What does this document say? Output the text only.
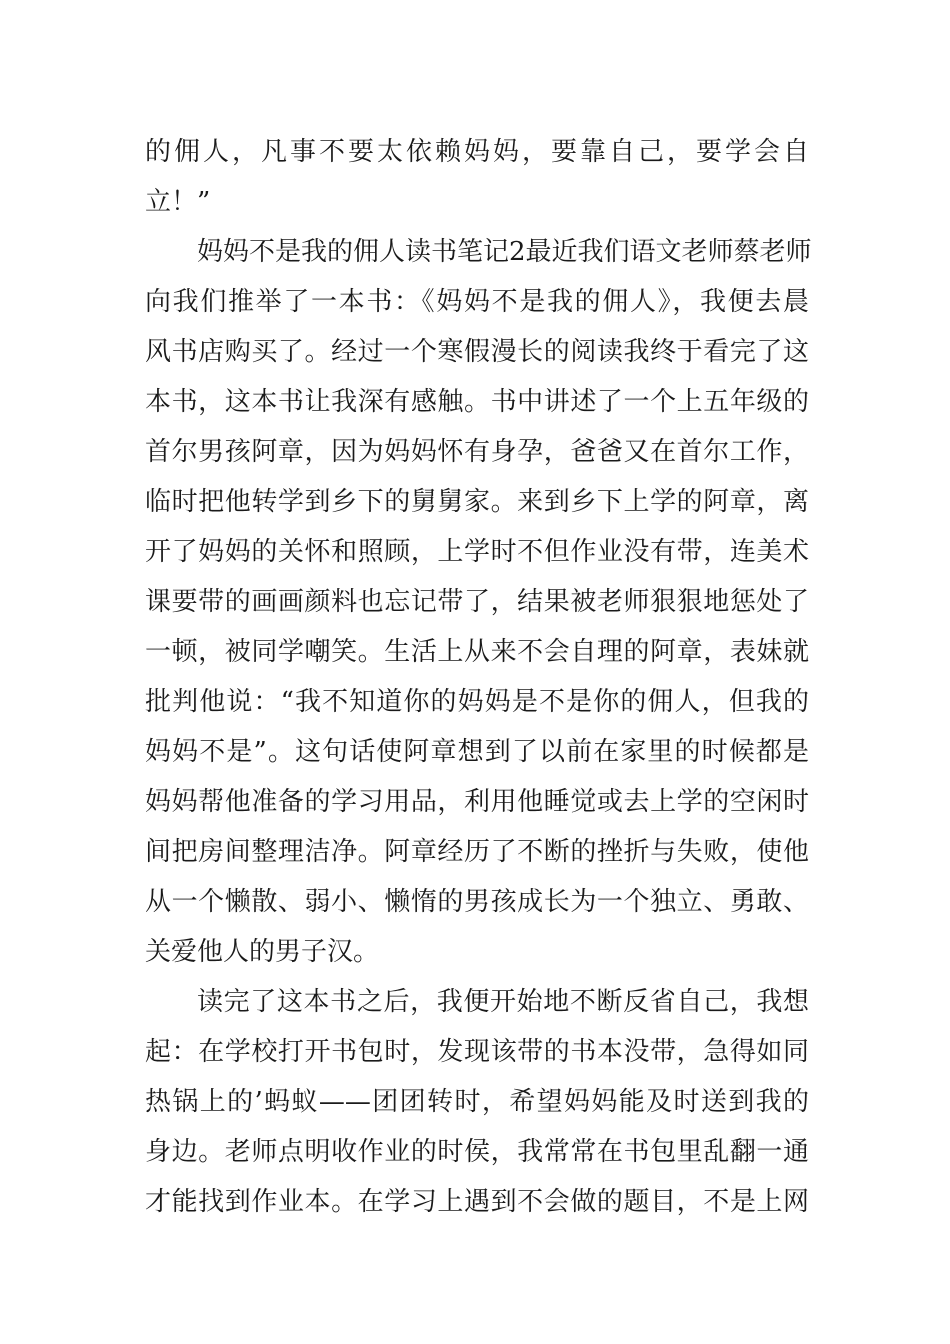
的佣人，凡事不要太依赖妈妈，要靠自己，要学会自
立！”
妈妈不是我的佣人读书笔记2最近我们语文老师蔡老师
向我们推举了一本书：《妈妈不是我的佣人》，我便去晨
风书店购买了。经过一个寒假漫长的阅读我终于看完了这
本书，这本书让我深有感触。书中讲述了一个上五年级的
首尔男孩阿章，因为妈妈怀有身孕，爸爸又在首尔工作，
临时把他转学到乡下的舅舅家。来到乡下上学的阿章，离
开了妈妈的关怀和照顾，上学时不但作业没有带，连美术
课要带的画画颜料也忘记带了，结果被老师狠狠地惩处了
一顿，被同学嘲笑。生活上从来不会自理的阿章，表妹就
批判他说：“我不知道你的妈妈是不是你的佣人，但我的
妈妈不是”。这句话使阿章想到了以前在家里的时候都是
妈妈帮他准备的学习用品，利用他睡觉或去上学的空闲时
间把房间整理洁净。阿章经历了不断的挫折与失败，使他
从一个懒散、弱小、懒惰的男孩成长为一个独立、勇敢、
关爱他人的男子汉。
读完了这本书之后，我便开始地不断反省自己，我想
起：在学校打开书包时，发现该带的书本没带，急得如同
热锅上的’蚂蚁——团团转时，希望妈妈能及时送到我的
身边。老师点明收作业的时侯，我常常在书包里乱翻一通
才能找到作业本。在学习上遇到不会做的题目，不是上网
